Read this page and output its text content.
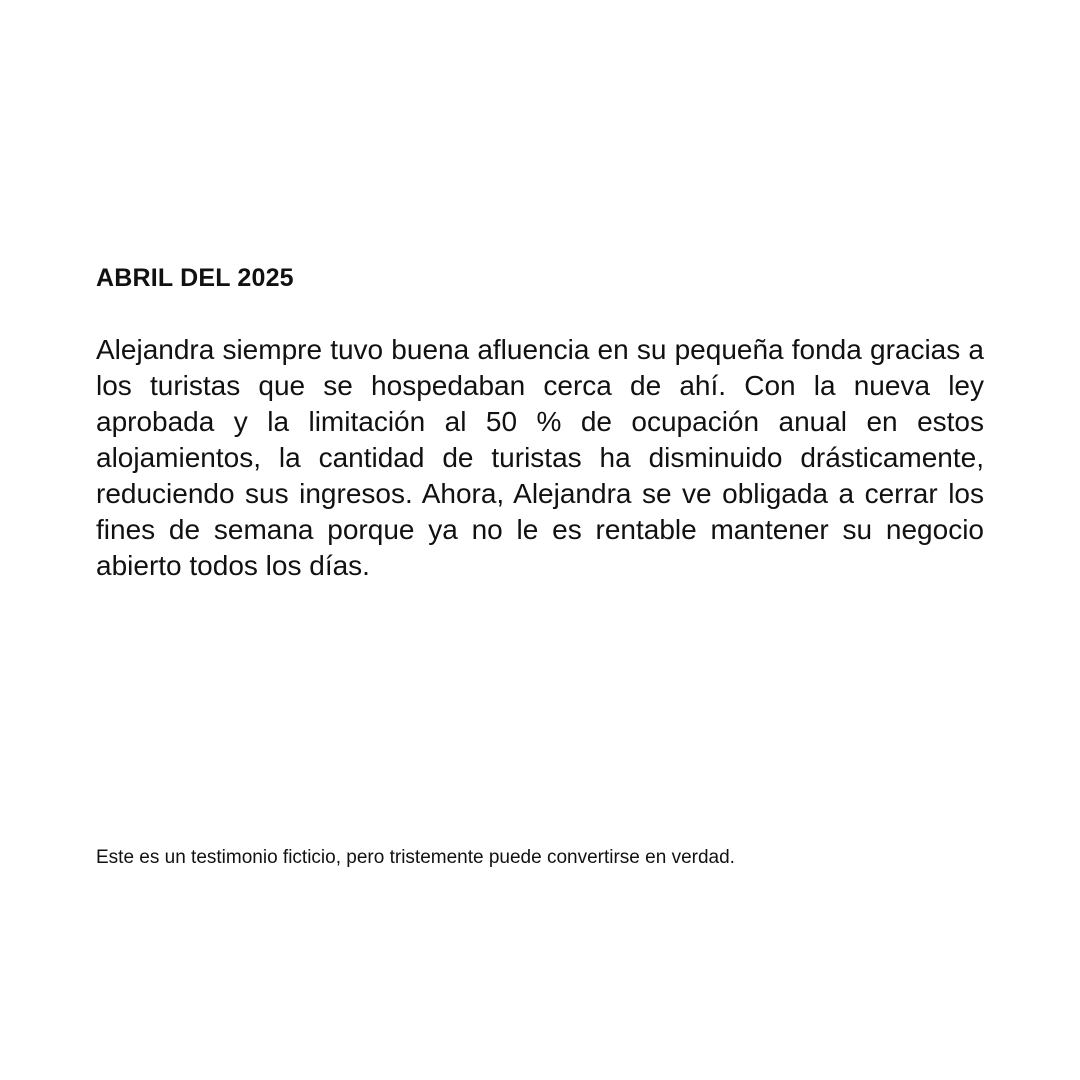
ABRIL DEL 2025

Alejandra siempre tuvo buena afluencia en su pequeña fonda gracias a los turistas que se hospedaban cerca de ahí. Con la nueva ley aprobada y la limitación al 50 % de ocupación anual en estos alojamientos, la cantidad de turistas ha disminuido drásticamente, reduciendo sus ingresos. Ahora, Alejandra se ve obligada a cerrar los fines de semana porque ya no le es rentable mantener su negocio abierto todos los días.

Este es un testimonio ficticio, pero tristemente puede convertirse en verdad.
